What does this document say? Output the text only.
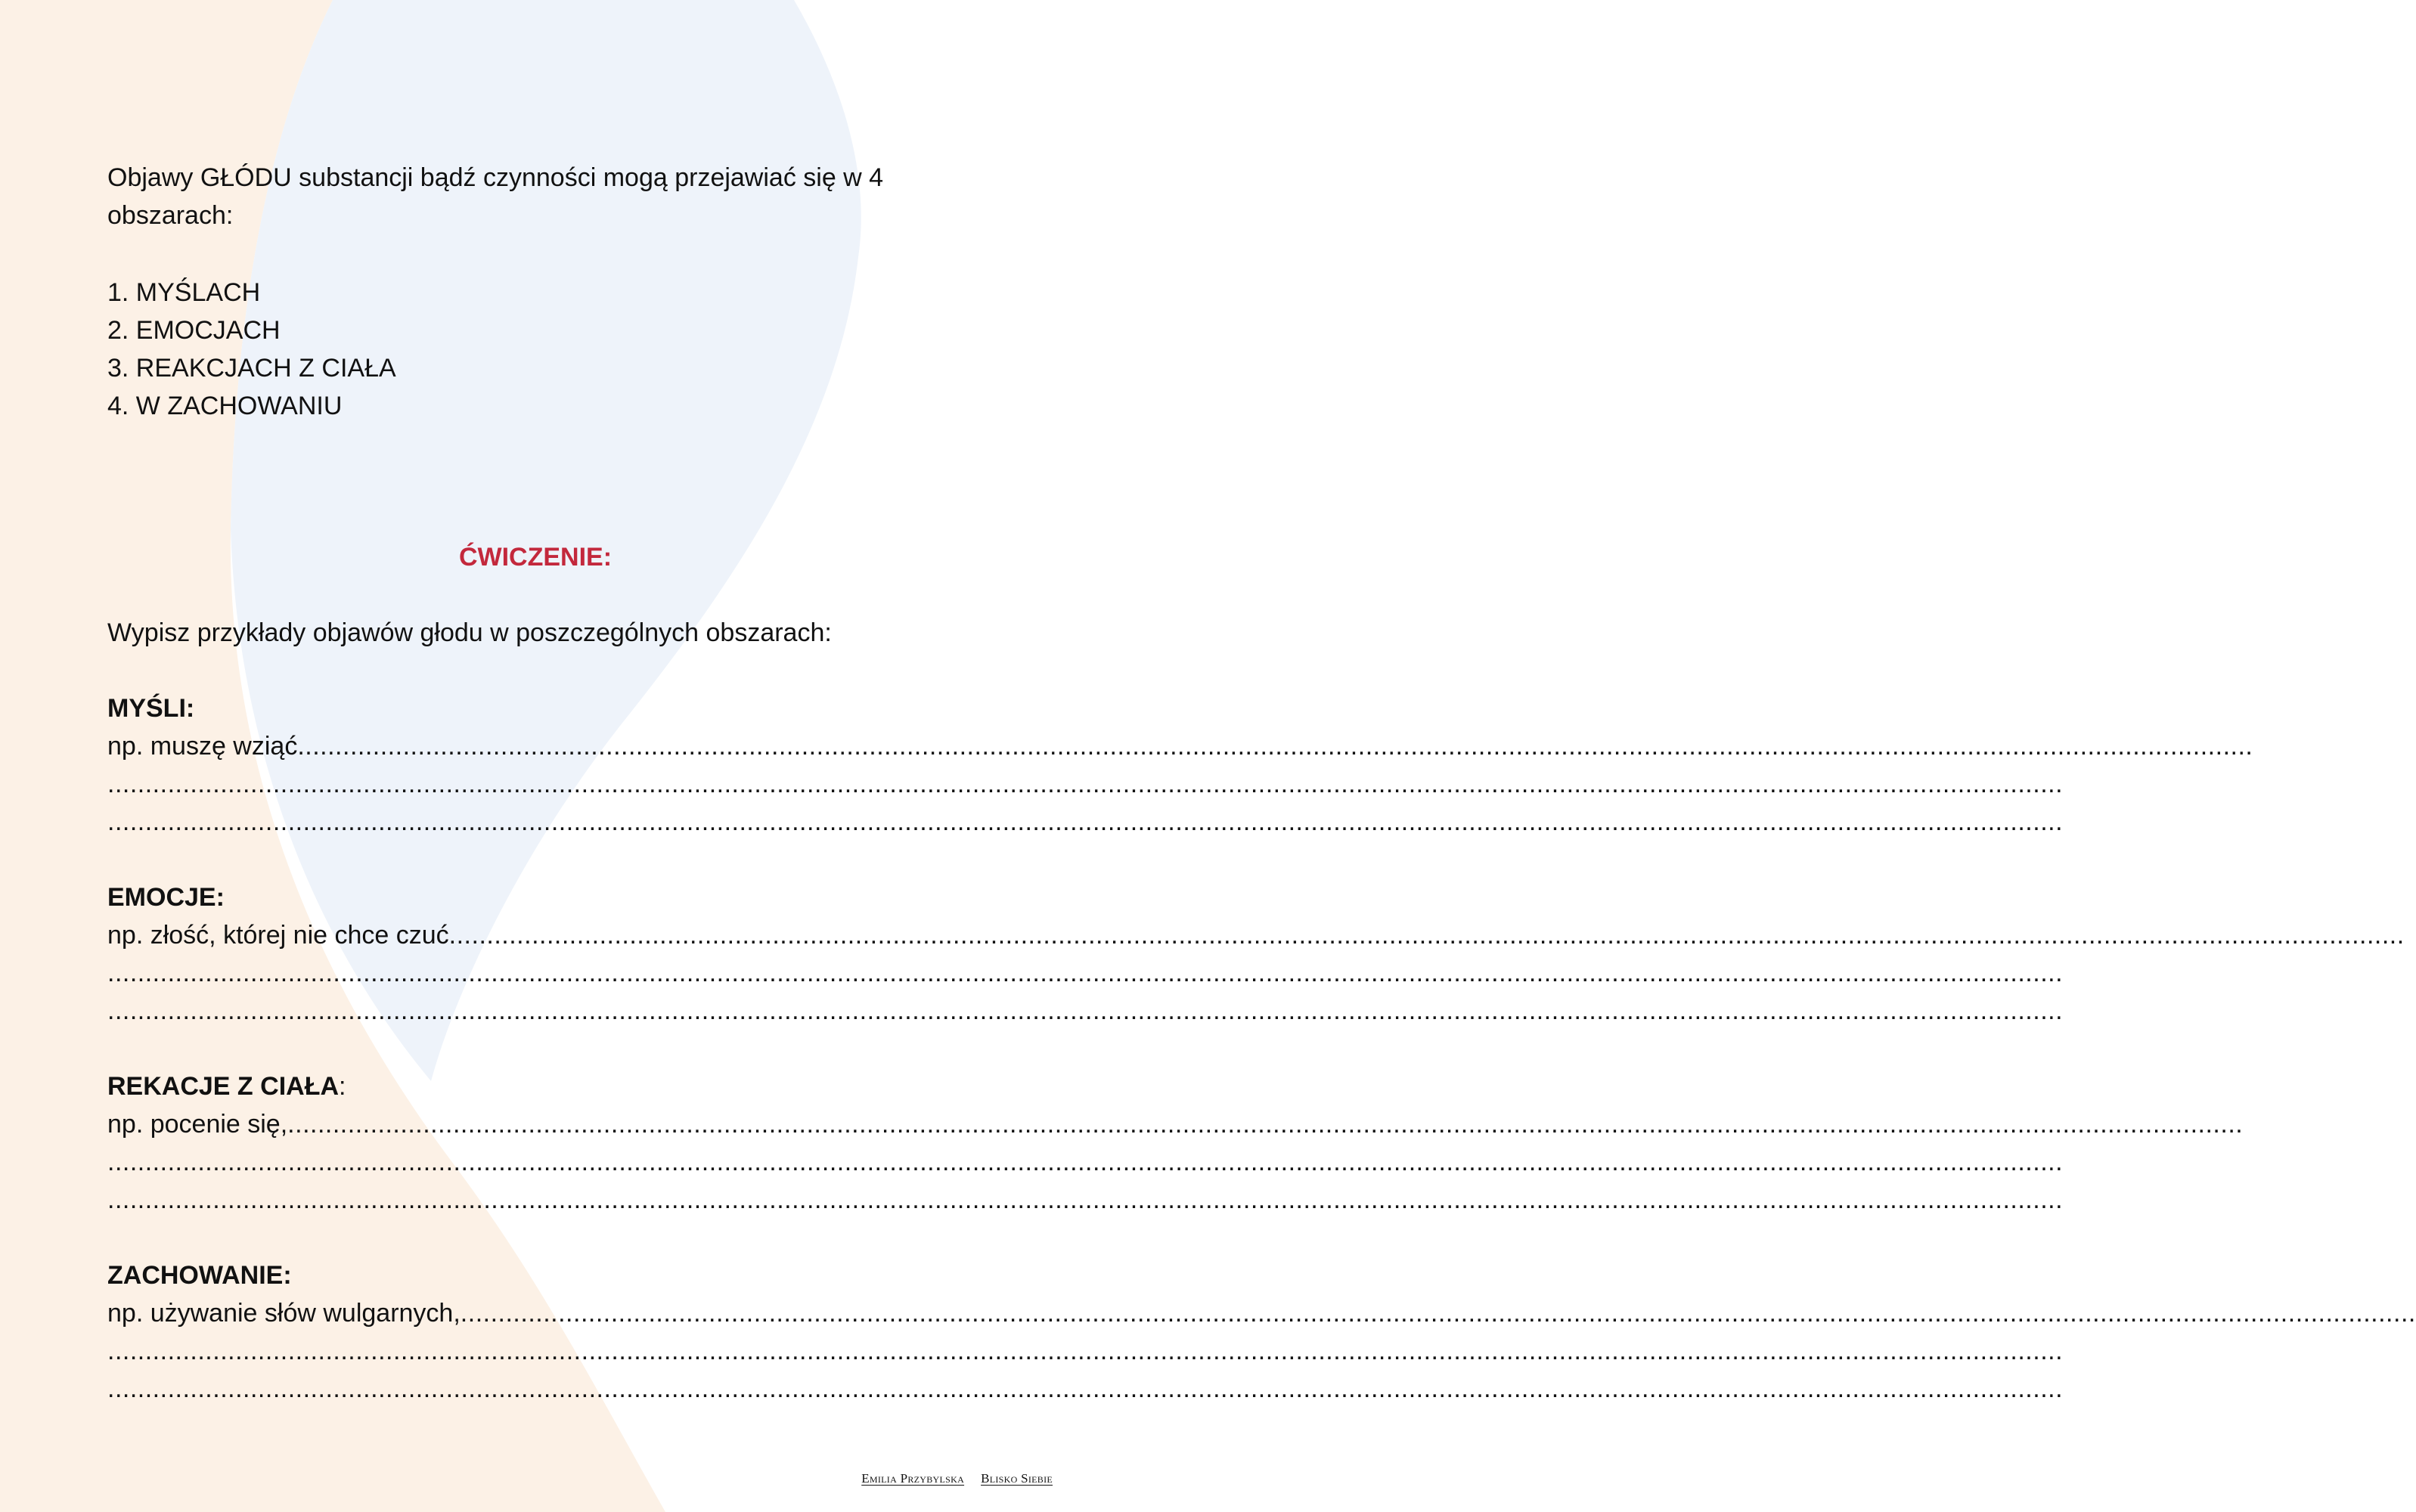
Objawy GŁÓDU substancji bądź czynności mogą przejawiać się w 4 obszarach:

1. MYŚLACH
2. EMOCJACH
3. REAKCJACH Z CIAŁA
4. W ZACHOWANIU

ĆWICZENIE:

Wypisz przykłady objawów głodu w poszczególnych obszarach:

MYŚLI:

np. muszę wziąć ....................................................................................................................................................................................................................................................................
....................................................................................................................................................................................................................................................................
....................................................................................................................................................................................................................................................................

EMOCJE:

np. złość, której nie chce czuć ....................................................................................................................................................................................................................................................................
....................................................................................................................................................................................................................................................................
....................................................................................................................................................................................................................................................................

REKACJE Z CIAŁA:

np. pocenie się, ....................................................................................................................................................................................................................................................................
....................................................................................................................................................................................................................................................................
....................................................................................................................................................................................................................................................................

ZACHOWANIE:

np. używanie słów wulgarnych, ....................................................................................................................................................................................................................................................................
....................................................................................................................................................................................................................................................................
....................................................................................................................................................................................................................................................................
Emilia Przybylska Blisko Siebie
